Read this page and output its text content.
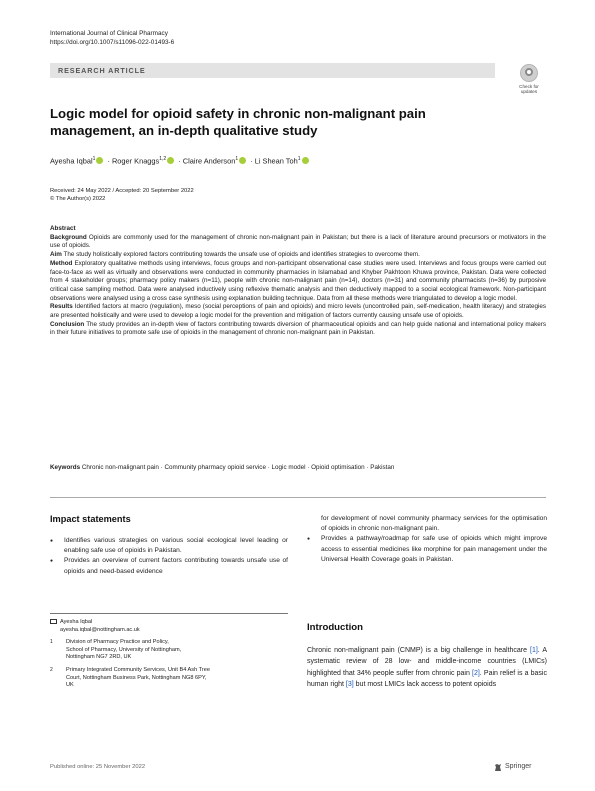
International Journal of Clinical Pharmacy
https://doi.org/10.1007/s11096-022-01493-6
RESEARCH ARTICLE
Check for
updates
Logic model for opioid safety in chronic non-malignant pain management, an in-depth qualitative study
Ayesha Iqbal$^1$ · Roger Knaggs$^{1,2}$ · Claire Anderson$^1$ · Li Shean Toh$^1$
Received: 24 May 2022 / Accepted: 20 September 2022
© The Author(s) 2022

Abstract

Background Opioids are commonly used for the management of chronic non-malignant pain in Pakistan; but there is a lack of literature around precursors or motivators in the use of opioids.

Aim The study holistically explored factors contributing towards the unsafe use of opioids and identifies strategies to overcome them.

Method Exploratory qualitative methods using interviews, focus groups and non-participant observational case studies were used. Interviews and focus groups were carried out face-to-face as well as virtually and observations were conducted in community pharmacies in Islamabad and Khyber Pakhtoon Khuwa province, Pakistan. Data were collected from 4 stakeholder groups; pharmacy policy makers (n=11), people with chronic non-malignant pain (n=14), doctors (n=31) and community pharmacists (n=36) by purposive critical case sampling method. Data were analysed inductively using reflexive thematic analysis and then deductively mapped to a social ecological framework. Non-participant observations were analysed using a cross case synthesis using explanation building technique. Data from all these methods were triangulated to develop a logic model.

Results Identified factors at macro (regulation), meso (social perceptions of pain and opioids) and micro levels (uncontrolled pain, self-medication, health literacy) and strategies are presented holistically and were used to develop a logic model for the prevention and mitigation of factors currently causing unsafe use of opioids.

Conclusion The study provides an in-depth view of factors contributing towards diversion of pharmaceutical opioids and can help guide national and international policy makers in their future initiatives to promote safe use of opioids in the management of chronic non-malignant pain in Pakistan.

Keywords Chronic non-malignant pain · Community pharmacy opioid service · Logic model · Opioid optimisation · Pakistan
Impact statements
● Identifies various strategies on various social ecological level leading or enabling safe use of opioids in Pakistan.
● Provides an overview of current factors contributing towards unsafe use of opioids and need-based evidence
for development of novel community pharmacy services for the optimisation of opioids in chronic non-malignant pain.
● Provides a pathway/roadmap for safe use of opioids which might improve access to essential medicines like morphine for pain management under the Universal Health Coverage goals in Pakistan.
Ayesha Iqbal
ayesha.iqbal@nottingham.ac.uk
1	Division of Pharmacy Practice and Policy,
School of Pharmacy, University of Nottingham,
Nottingham NG7 2RD, UK
2	Primary Integrated Community Services, Unit B4 Ash Tree
Court, Nottingham Business Park, Nottingham NG8 6PY,
UK
Introduction
Chronic non-malignant pain (CNMP) is a big challenge in healthcare [1]. A systematic review of 28 low- and middle-income countries (LMICs) highlighted that 34% people suffer from chronic pain [2]. Pain relief is a basic human right [3] but most LMICs lack access to potent opioids
Published online: 25 November 2022	Springer
